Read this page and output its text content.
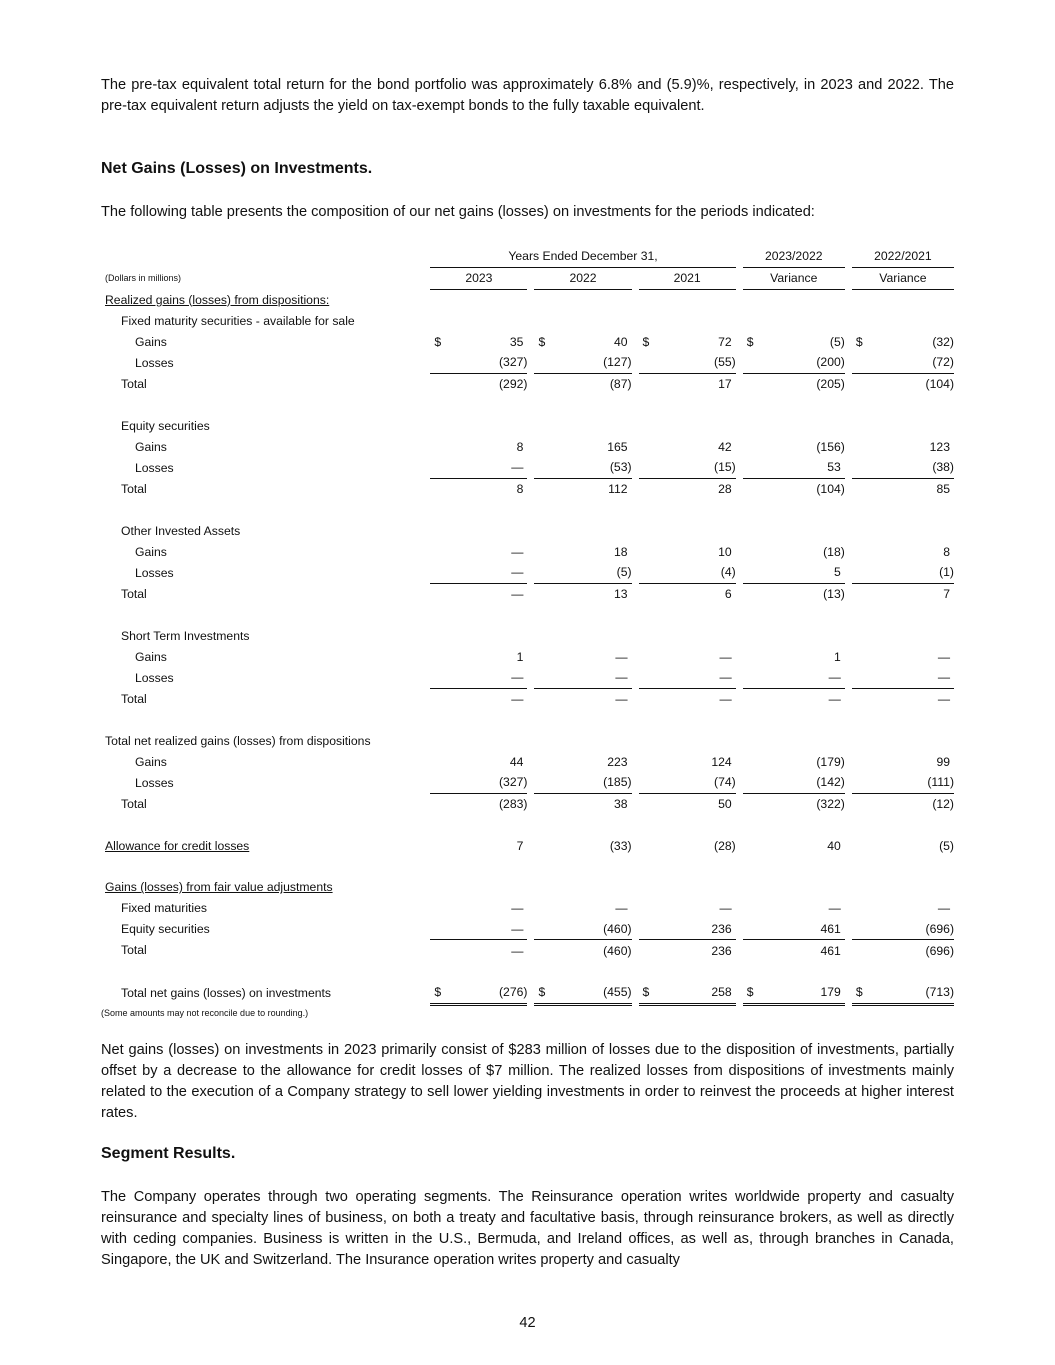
The pre-tax equivalent total return for the bond portfolio was approximately 6.8% and (5.9)%, respectively, in 2023 and 2022. The pre-tax equivalent return adjusts the yield on tax-exempt bonds to the fully taxable equivalent.

Net Gains (Losses) on Investments.

The following table presents the composition of our net gains (losses) on investments for the periods indicated:

	Years Ended December 31,						2023/2022		2022/2021
(Dollars in millions)	2023		2022		2021		Variance		Variance
Realized gains (losses) from dispositions:									
Fixed maturity securities - available for sale									
Gains	$ 35		$ 40		$ 72		$ (5)		$ (32)
Losses	(327)		(127)		(55)		(200)		(72)
Total	(292)		(87)		17		(205)		(104)

Equity securities									
Gains	8		165		42		(156)		123
Losses	—		(53)		(15)		53		(38)
Total	8		112		28		(104)		85

Other Invested Assets									
Gains	—		18		10		(18)		8
Losses	—		(5)		(4)		5		(1)
Total	—		13		6		(13)		7

Short Term Investments									
Gains	1		—		—		1		—
Losses	—		—		—		—		—
Total	—		—		—		—		—

Total net realized gains (losses) from dispositions									
Gains	44		223		124		(179)		99
Losses	(327)		(185)		(74)		(142)		(111)
Total	(283)		38		50		(322)		(12)

Allowance for credit losses	7		(33)		(28)		40		(5)

Gains (losses) from fair value adjustments									
Fixed maturities	—		—		—		—		—
Equity securities	—		(460)		236		461		(696)
Total	—		(460)		236		461		(696)

Total net gains (losses) on investments	$ (276)		$ (455)		$ 258		$ 179		$ (713)
(Some amounts may not reconcile due to rounding.)

Net gains (losses) on investments in 2023 primarily consist of $283 million of losses due to the disposition of investments, partially offset by a decrease to the allowance for credit losses of $7 million. The realized losses from dispositions of investments mainly related to the execution of a Company strategy to sell lower yielding investments in order to reinvest the proceeds at higher interest rates.

Segment Results.

The Company operates through two operating segments. The Reinsurance operation writes worldwide property and casualty reinsurance and specialty lines of business, on both a treaty and facultative basis, through reinsurance brokers, as well as directly with ceding companies. Business is written in the U.S., Bermuda, and Ireland offices, as well as, through branches in Canada, Singapore, the UK and Switzerland. The Insurance operation writes property and casualty

42
